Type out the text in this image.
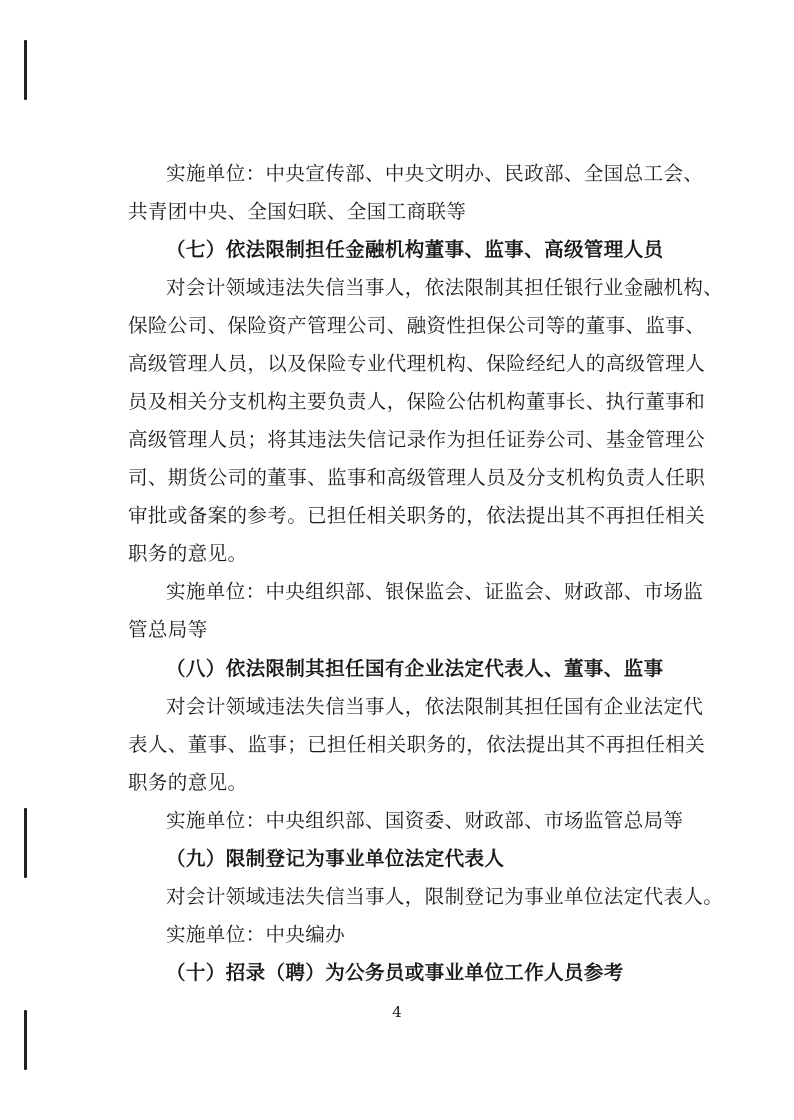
实施单位：中央宣传部、中央文明办、民政部、全国总工会、
共青团中央、全国妇联、全国工商联等
（七）依法限制担任金融机构董事、监事、高级管理人员
对会计领域违法失信当事人，依法限制其担任银行业金融机构、
保险公司、保险资产管理公司、融资性担保公司等的董事、监事、
高级管理人员，以及保险专业代理机构、保险经纪人的高级管理人
员及相关分支机构主要负责人，保险公估机构董事长、执行董事和
高级管理人员；将其违法失信记录作为担任证券公司、基金管理公
司、期货公司的董事、监事和高级管理人员及分支机构负责人任职
审批或备案的参考。已担任相关职务的，依法提出其不再担任相关
职务的意见。
实施单位：中央组织部、银保监会、证监会、财政部、市场监
管总局等
（八）依法限制其担任国有企业法定代表人、董事、监事
对会计领域违法失信当事人，依法限制其担任国有企业法定代
表人、董事、监事；已担任相关职务的，依法提出其不再担任相关
职务的意见。
实施单位：中央组织部、国资委、财政部、市场监管总局等
（九）限制登记为事业单位法定代表人
对会计领域违法失信当事人，限制登记为事业单位法定代表人。
实施单位：中央编办
（十）招录（聘）为公务员或事业单位工作人员参考
4
